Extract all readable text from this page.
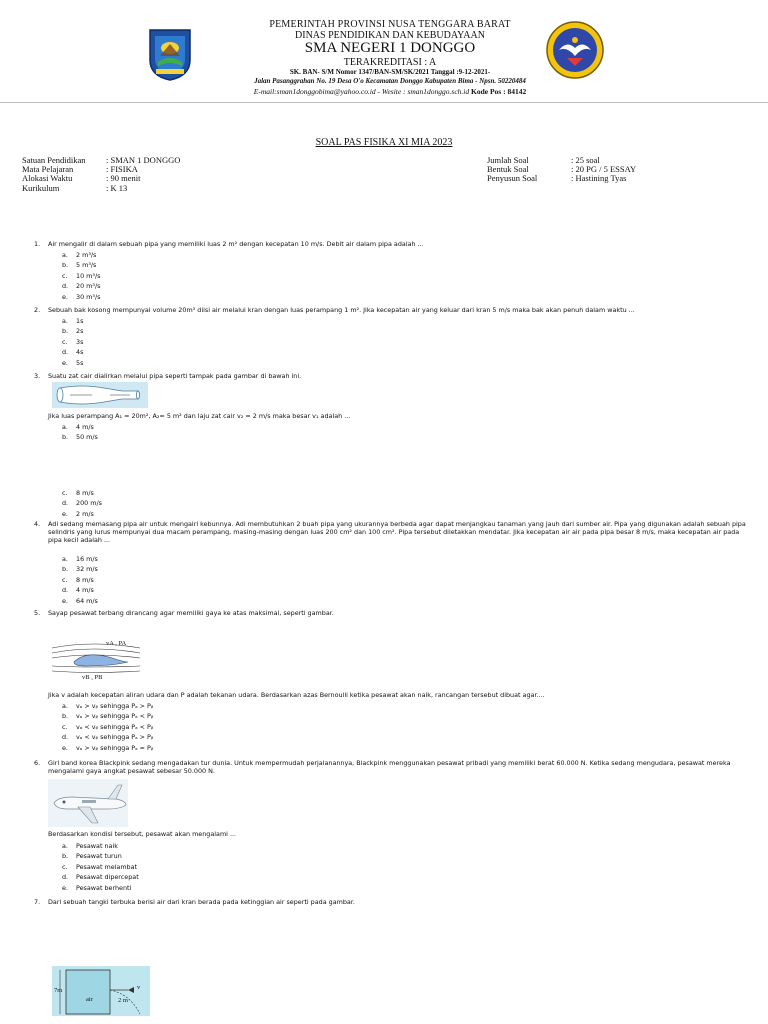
PEMERINTAH PROVINSI NUSA TENGGARA BARAT
DINAS PENDIDIKAN DAN KEBUDAYAAN
SMA NEGERI 1 DONGGO
TERAKREDITASI : A
SK. BAN- S/M Nomor 1347/BAN-SM/SK/2021 Tanggal :9-12-2021-
Jalan Pasanggrahan No. 19 Desa O'o Kecamatan Donggo Kabupaten Bima - Npsn. 50220484
E-mail:sman1donggobima@yahoo.co.id - Wesite : sman1donggo.sch.id Kode Pos : 84142
SOAL PAS FISIKA XI MIA 2023
Satuan Pendidikan	: SMAN 1 DONGGO
Mata Pelajaran	: FISIKA
Alokasi Waktu	: 90 menit
Kurikulum	: K 13
Jumlah Soal	: 25 soal
Bentuk Soal	: 20 PG / 5 ESSAY
Penyusun Soal	: Hastining Tyas
1.	Air mengalir di dalam sebuah pipa yang memiliki luas 2 m² dengan kecepatan 10 m/s. Debit air dalam pipa adalah ...
a.	2 m³/s
b.	5 m³/s
c.	10 m³/s
d.	20 m³/s
e.	30 m³/s
2.	Sebuah bak kosong mempunyai volume 20m³ diisi air melalui kran dengan luas perampang 1 m². Jika kecepatan air yang keluar dari kran 5 m/s maka bak akan penuh dalam waktu ...
a.	1s
b.	2s
c.	3s
d.	4s
e.	5s
3.	Suatu zat cair dialirkan melalui pipa seperti tampak pada gambar di bawah ini.
Jika luas perampang A₁ = 20m², A₂= 5 m² dan laju zat cair v₂ = 2 m/s maka besar v₁ adalah ...
a.	4 m/s
b.	50 m/s
c.	8 m/s
d.	200 m/s
e.	2 m/s
4.	Adi sedang memasang pipa air untuk mengairi kebunnya. Adi membutuhkan 2 buah pipa yang ukurannya berbeda agar dapat menjangkau tanaman yang jauh dari sumber air. Pipa yang digunakan adalah sebuah pipa selindris yang lurus mempunyai dua macam perampang, masing-masing dengan luas 200 cm² dan 100 cm². Pipa tersebut diletakkan mendatar. Jika kecepatan air air pada pipa besar 8 m/s, maka kecepatan air pada pipa kecil adalah ...
a.	16 m/s
b.	32 m/s
c.	8 m/s
d.	4 m/s
e.	64 m/s
5.	Sayap pesawat terbang dirancang agar memiliki gaya ke atas maksimal, seperti gambar.
vA , PA
vB , PB
Jika v adalah kecepatan aliran udara dan P adalah tekanan udara. Berdasarkan azas Bernoulli ketika pesawat akan naik, rancangan tersebut dibuat agar....
a.	vₐ > vᵦ sehingga Pₐ > Pᵦ
b.	vₐ > vᵦ sehingga Pₐ < Pᵦ
c.	vₐ < vᵦ sehingga Pₐ < Pᵦ
d.	vₐ < vᵦ sehingga Pₐ > Pᵦ
e.	vₐ > vᵦ sehingga Pₐ = Pᵦ
6.	Girl band korea Blackpink sedang mengadakan tur dunia. Untuk mempermudah perjalanannya, Blackpink menggunakan pesawat pribadi yang memiliki berat 60.000 N. Ketika sedang mengudara, pesawat mereka mengalami gaya angkat pesawat sebesar 50.000 N.
Berdasarkan kondisi tersebut, pesawat akan mengalami ...
a.	Pesawat naik
b.	Pesawat turun
c.	Pesawat melambat
d.	Pesawat dipercepat
e.	Pesawat berhenti
7.	Dari sebuah tangki terbuka berisi air dari kran berada pada ketinggian air seperti pada gambar.
7m
air
v
2 m
